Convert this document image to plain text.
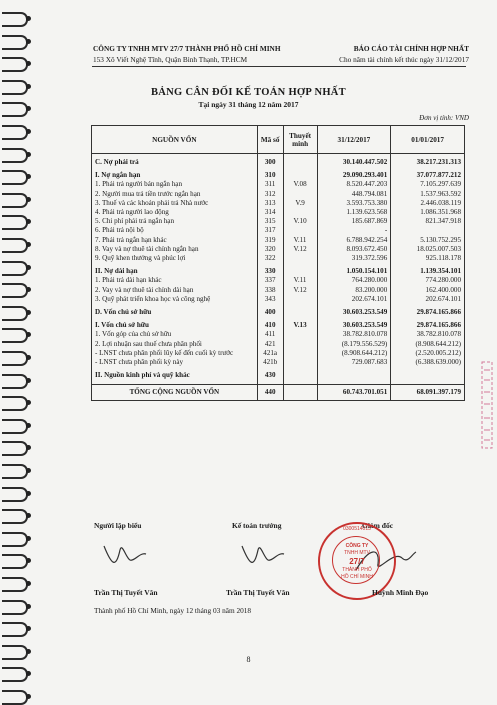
CÔNG TY TNHH MTV 27/7 THÀNH PHỐ HỒ CHÍ MINH
153 Xô Viết Nghệ Tĩnh, Quận Bình Thạnh, TP.HCM
BÁO CÁO TÀI CHÍNH HỢP NHẤT
Cho năm tài chính kết thúc ngày 31/12/2017
BẢNG CÂN ĐỐI KẾ TOÁN HỢP NHẤT
Tại ngày 31 tháng 12 năm 2017
Đơn vị tính: VND
NGUỒN VỐN	Mã số	Thuyết minh	31/12/2017	01/01/2017

C. Nợ phải trả	300		30.140.447.502	38.217.231.313

I. Nợ ngắn hạn	310		29.090.293.401	37.077.877.212
1. Phải trả người bán ngắn hạn	311	V.08	8.520.447.203	7.105.297.639
2. Người mua trả tiền trước ngắn hạn	312		448.794.081	1.537.963.592
3. Thuế và các khoản phải trả Nhà nước	313	V.9	3.593.753.380	2.446.038.119
4. Phải trả người lao động	314		1.139.623.568	1.086.351.968
5. Chi phí phải trả ngắn hạn	315	V.10	185.687.869	821.347.918
6. Phải trả nội bộ	317		-	
7. Phải trả ngắn hạn khác	319	V.11	6.788.942.254	5.130.752.295
8. Vay và nợ thuê tài chính ngắn hạn	320	V.12	8.093.672.450	18.025.007.503
9. Quỹ khen thưởng và phúc lợi	322		319.372.596	925.118.178

II. Nợ dài hạn	330		1.050.154.101	1.139.354.101
1. Phải trả dài hạn khác	337	V.11	764.280.000	774.280.000
2. Vay và nợ thuê tài chính dài hạn	338	V.12	83.200.000	162.400.000
3. Quỹ phát triển khoa học và công nghệ	343		202.674.101	202.674.101

D. Vốn chủ sở hữu	400		30.603.253.549	29.874.165.866

I. Vốn chủ sở hữu	410	V.13	30.603.253.549	29.874.165.866
1. Vốn góp của chủ sở hữu	411		38.782.810.078	38.782.810.078
2. Lợi nhuận sau thuế chưa phân phối	421		(8.179.556.529)	(8.908.644.212)
- LNST chưa phân phối lũy kế đến cuối kỳ trước	421a		(8.908.644.212)	(2.520.005.212)
- LNST chưa phân phối kỳ này	421b		729.087.683	(6.388.639.000)

II. Nguồn kinh phí và quỹ khác	430			

TỔNG CỘNG NGUỒN VỐN	440		60.743.701.051	68.091.397.179
Người lập biểu	Kế toán trưởng	Giám đốc
0300514013
CÔNG TY
TNHH MTV
27/7
THÀNH PHỐ
HỒ CHÍ MINH
Trần Thị Tuyết Vân	Trần Thị Tuyết Vân	Huỳnh Minh Đạo
Thành phố Hồ Chí Minh, ngày 12 tháng 03 năm 2018
8
